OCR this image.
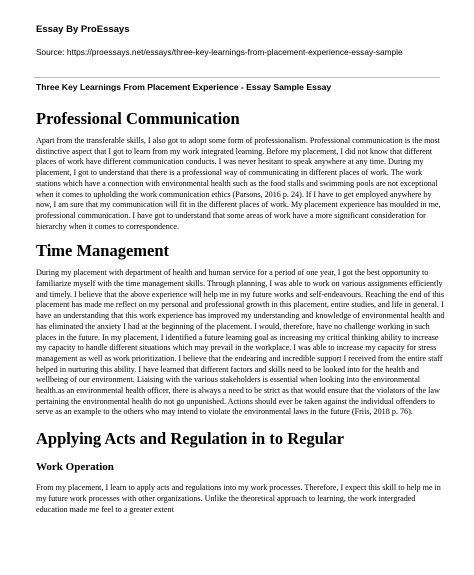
Essay By ProEssays
Source: https://proessays.net/essays/three-key-learnings-from-placement-experience-essay-sample
Three Key Learnings From Placement Experience - Essay Sample Essay
Professional Communication

Apart from the transferable skills, I also got to adopt some form of professionalism. Professional communication is the most distinctive aspect that I got to learn from my work integrated learning. Before my placement, I did not know that different places of work have different communication conducts. I was never hesitant to speak anywhere at any time. During my placement, I got to understand that there is a professional way of communicating in different places of work. The work stations which have a connection with environmental health such as the food stalls and swimming pools are not exceptional when it comes to upholding the work communication ethics (Parsons, 2016 p. 24). If I have to get employed anywhere by now, I am sure that my communication will fit in the different places of work. My placement experience has moulded in me, professional communication. I have got to understand that some areas of work have a more significant consideration for hierarchy when it comes to correspondence.

Time Management

During my placement with department of health and human service for a period of one year, I got the best opportunity to familiarize myself with the time management skills. Through planning, I was able to work on various assignments efficiently and timely. I believe that the above experience will help me in my future works and self-endeavours. Reaching the end of this placement has made me reflect on my personal and professional growth in this placement, entire studies, and life in general. I have an understanding that this work experience has improved my understanding and knowledge of environmental health and has eliminated the anxiety I had at the beginning of the placement. I would, therefore, have no challenge working in such places in the future. In my placement, I identified a future learning goal as increasing my critical thinking ability to increase my capacity to handle different situations which may prevail in the workplace. I was able to increase my capacity for stress management as well as work prioritization. I believe that the endearing and incredible support I received from the entire staff helped in nurturing this ability. I have learned that different factors and skills need to be looked into for the health and wellbeing of our environment. Liaising with the various stakeholders is essential when looking into the environmental health.as an environmental health officer, there is always a need to be strict as that would ensure that the violators of the law pertaining the environmental health do not go unpunished. Actions should ever be taken against the individual offenders to serve as an example to the others who may intend to violate the environmental laws in the future (Friis, 2018 p. 76).

Applying Acts and Regulation in to Regular
Work Operation

From my placement, I learn to apply acts and regulations into my work processes. Therefore, I expect this skill to help me in my future work processes with other organizations. Unlike the theoretical approach to learning, the work intergraded education made me feel to a greater extent
